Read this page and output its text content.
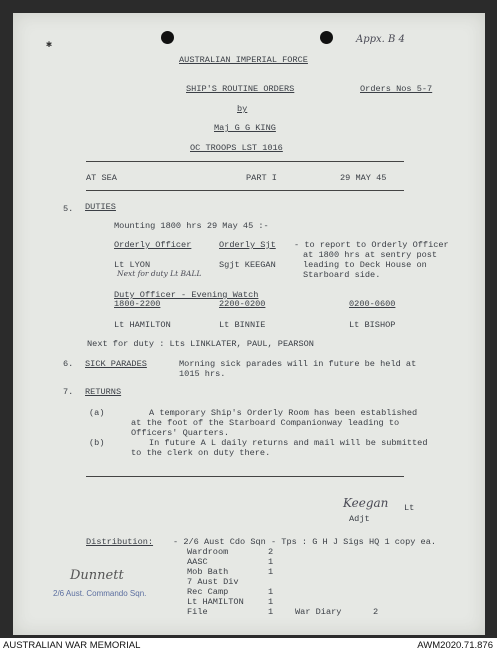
✱
Appx. B 4
AUSTRALIAN IMPERIAL FORCE
SHIP'S ROUTINE ORDERS	Orders Nos 5-7
by
Maj G G KING
OC TROOPS LST 1016
AT SEA	PART I	29 MAY 45
5. DUTIES
Mounting 1800 hrs 29 May 45 :-
Orderly Officer	Orderly Sjt - to report to Orderly Officer
at 1800 hrs at sentry post
leading to Deck House on
Starboard side.
Lt LYON	Sgjt KEEGAN
Next for duty Lt BALL
Duty Officer - Evening Watch
1800-2200	2200-0200	0200-0600
Lt HAMILTON	Lt BINNIE	Lt BISHOP
Next for duty : Lts LINKLATER, PAUL, PEARSON
6. SICK PARADES	Morning sick parades will in future be held at
1015 hrs.
7. RETURNS
(a)	A temporary Ship's Orderly Room has been established
at the foot of the Starboard Companionway leading to
Officers' Quarters.
(b)	In future A L daily returns and mail will be submitted
to the clerk on duty there.
Keegan Lt
Adjt
Distribution: - 2/6 Aust Cdo Sqn - Tps : G H J Sigs HQ 1 copy ea.
Wardroom	2
AASC	1
Mob Bath	1
7 Aust Div
Rec Camp	1
Lt HAMILTON	1
File	1	War Diary	2
Dunnett
2/6 Aust. Commando Sqn.
AUSTRALIAN WAR MEMORIAL	AWM2020.71.876
